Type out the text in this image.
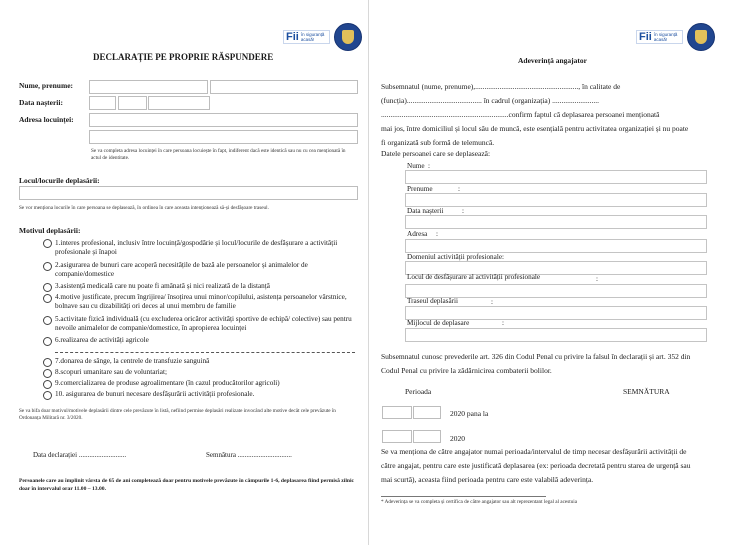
Fii în siguranță acasă!
DECLARAȚIE PE PROPRIE RĂSPUNDERE
Nume, prenume:
Data nașterii:
Adresa locuinței:
Se va completa adresa locuinței în care persoana locuiește în fapt, indiferent dacă este identică sau nu cu cea menționată în actul de identitate.
Locul/locurile deplasării:
Se vor menționa locurile în care persoana se deplasează, în ordinea în care aceasta intenționează să-și desfășoare traseul.
Motivul deplasării:
1.interes profesional, inclusiv între locuință/gospodărie și locul/locurile de desfășurare a activității profesionale și înapoi
2.asigurarea de bunuri care acoperă necesitățile de bază ale persoanelor și animalelor de companie/domestice
3.asistență medicală care nu poate fi amânată și nici realizată de la distanță
4.motive justificate, precum îngrijirea/ însoțirea unui minor/copilului, asistența persoanelor vârstnice, bolnave sau cu dizabilități ori deces al unui membru de familie
5.activitate fizică individuală (cu excluderea oricăror activități sportive de echipă/ colective) sau pentru nevoile animalelor de companie/domestice, în apropierea locuinței
6.realizarea de activități agricole
7.donarea de sânge, la centrele de transfuzie sanguină
8.scopuri umanitare sau de voluntariat;
9.comercializarea de produse agroalimentare (în cazul producătorilor agricoli)
10. asigurarea de bunuri necesare desfășurării activității profesionale.
Se va bifa doar motivul/motivele deplasării dintre cele prevăzute în listă, nefiind permise deplasări realizate invocând alte motive decât cele prevăzute în Ordonanța Militară nr. 3/2020.
Data declarației ...........................	Semnătura ...............................
Persoanele care au împlinit vârsta de 65 de ani completează doar pentru motivele prevăzute în câmpurile 1-6, deplasarea fiind permisă zilnic doar în intervalul orar 11.00 – 13.00.
Fii în siguranță acasă!
Adeverință angajator
Subsemnatul (nume, prenume),......................................................., în calitate de
(funcția)........................................ în cadrul (organizația) .........................
....................................................................confirm faptul că deplasarea persoanei menționată
mai jos, între domiciliul și locul său de muncă, este esențială pentru activitatea organizației și nu poate
fi organizată sub formă de telemuncă.
Datele persoanei care se deplasează:
Nume :
Prenume	:
Data nașterii	:
Adresa :
Domeniul activității profesionale:
Locul de desfășurare al activității profesionale	:
Traseul deplasării	:
Mijlocul de deplasare	:
Subsemnatul cunosc prevederile art. 326 din Codul Penal cu privire la falsul în declarații și art. 352 din
Codul Penal cu privire la zădărnicirea combaterii bolilor.
Perioada	SEMNĂTURA
2020 pana la
2020
Se va menționa de către angajator numai perioada/intervalul de timp necesar desfășurării activității de
către angajat, pentru care este justificată deplasarea (ex: perioada decretată pentru starea de urgență sau
mai scurtă), aceasta fiind perioada pentru care este valabilă adeverința.
* Adeverința se va completa și certifica de către angajator sau alt reprezentant legal al acestuia
